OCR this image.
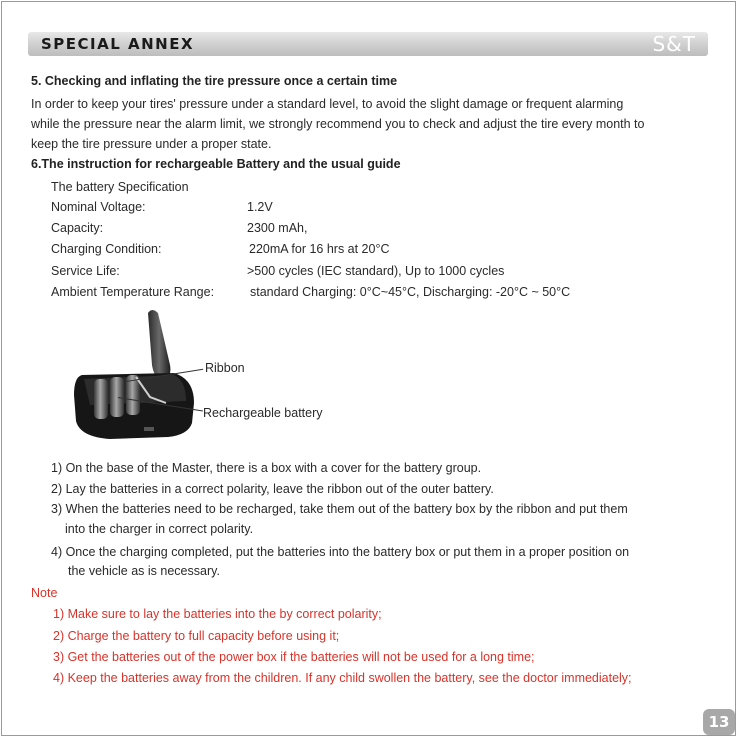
SPECIAL ANNEX	S&T
5. Checking and inflating the tire pressure once a certain time
In order to keep your tires' pressure under a standard level, to avoid the slight damage or frequent alarming
while the pressure near the alarm limit, we strongly recommend you to check and adjust the tire every month to
keep the tire pressure under a proper state.
6.The instruction for rechargeable Battery and the usual guide
The battery Specification
Nominal Voltage:	1.2V
Capacity:	2300 mAh,
Charging Condition:	220mA for 16 hrs at 20°C
Service Life:	>500 cycles (IEC standard), Up to 1000 cycles
Ambient Temperature Range:	standard Charging: 0°C~45°C, Discharging: -20°C ~ 50°C
Ribbon
Rechargeable battery
1) On the base of the Master, there is a box with a cover for the battery group.
2) Lay the batteries in a correct polarity, leave the ribbon out of the outer battery.
3) When the batteries need to be recharged, take them out of the battery box by the ribbon and put them
into the charger in correct polarity.
4) Once the charging completed, put the batteries into the battery box or put them in a proper position on
the vehicle as is necessary.
Note
1) Make sure to lay the batteries into the by correct polarity;
2) Charge the battery to full capacity before using it;
3) Get the batteries out of the power box if the batteries will not be used for a long time;
4) Keep the batteries away from the children. If any child swollen the battery, see the doctor immediately;
13
